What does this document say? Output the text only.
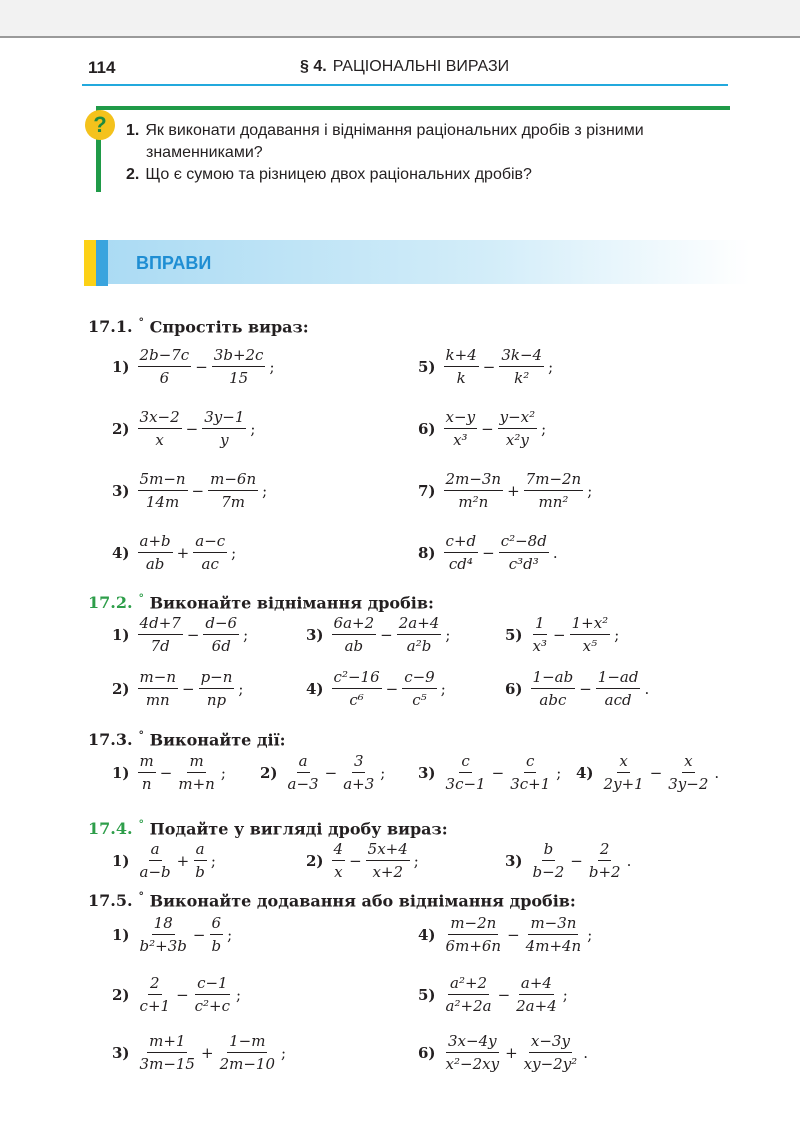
114	§ 4. РАЦІОНАЛЬНІ ВИРАЗИ
?	1. Як виконати додавання і віднімання раціональних дробів з різними
знаменниками?
2. Що є сумою та різницею двох раціональних дробів?
ВПРАВИ
17.1. ° Спростіть вираз:
$1) \frac{2b-7c}{6} - \frac{3b+2c}{15}$ ;
$2) \frac{3x-2}{x} - \frac{3y-1}{y}$ ;
$3) \frac{5m-n}{14m} - \frac{m-6n}{7m}$ ;
$4) \frac{a+b}{ab} + \frac{a-c}{ac}$ ;
$5) \frac{k+4}{k} - \frac{3k-4}{\text{k²}}$ ;
$6) \frac{x-y}{\text{x³}} - \frac{\text{y−x²}}{\text{x²y}}$ ;
$7) \frac{2m-3n}{\text{m²n}} + \frac{7m-2n}{\text{mn²}}$ ;
$8) \frac{c+d}{\text{cd⁴}} - \frac{\text{c²−8d}}{\text{c³d³}}$ .
17.2. ° Виконайте віднімання дробів:
$1) \frac{4d+7}{7d} - \frac{d-6}{6d}$ ;
$2) \frac{m-n}{mn} - \frac{p-n}{np}$ ;
$3) \frac{6a+2}{ab} - \frac{2a+4}{\text{a²b}}$ ;
$4) \frac{\text{c²−16}}{\text{c⁶}} - \frac{c-9}{\text{c⁵}}$ ;
$5) \frac{1}{\text{x³}} - \frac{\text{1+x²}}{\text{x⁵}}$ ;
$6) \frac{1-ab}{\text{abc}} - \frac{1-ad}{\text{acd}}$ .
17.3. ° Виконайте дії:
$1) \frac{m}{n} - \frac{m}{m+n}$ ; $2) \frac{a}{a-3} - \frac{3}{a+3}$ ; $3) \frac{c}{3c-1} - \frac{c}{3c+1}$ ; $4) \frac{x}{2y+1} - \frac{x}{3y-2}$ .
17.4. ° Подайте у вигляді дробу вираз:
$1) \frac{a}{a-b} + \frac{a}{b}$ ;	$2) \frac{4}{x} - \frac{5x+4}{x+2}$ ;	$3) \frac{b}{b-2} - \frac{2}{b+2}$ .
17.5. ° Виконайте додавання або віднімання дробів:
$1) \frac{18}{\text{b²+3b}} - \frac{6}{b}$ ;
$2) \frac{2}{c+1} - \frac{c-1}{\text{c²+c}}$ ;
$3) \frac{m+1}{3m-15} + \frac{1-m}{2m-10}$ ;
$4) \frac{m-2n}{6m+6n} - \frac{m-3n}{4m+4n}$ ;
$5) \frac{\text{a²+2}}{\text{a²+2a}} - \frac{a+4}{2a+4}$ ;
$6) \frac{3x-4y}{\text{x²−2xy}} + \frac{x-3y}{\text{xy−2y²}}$ .
